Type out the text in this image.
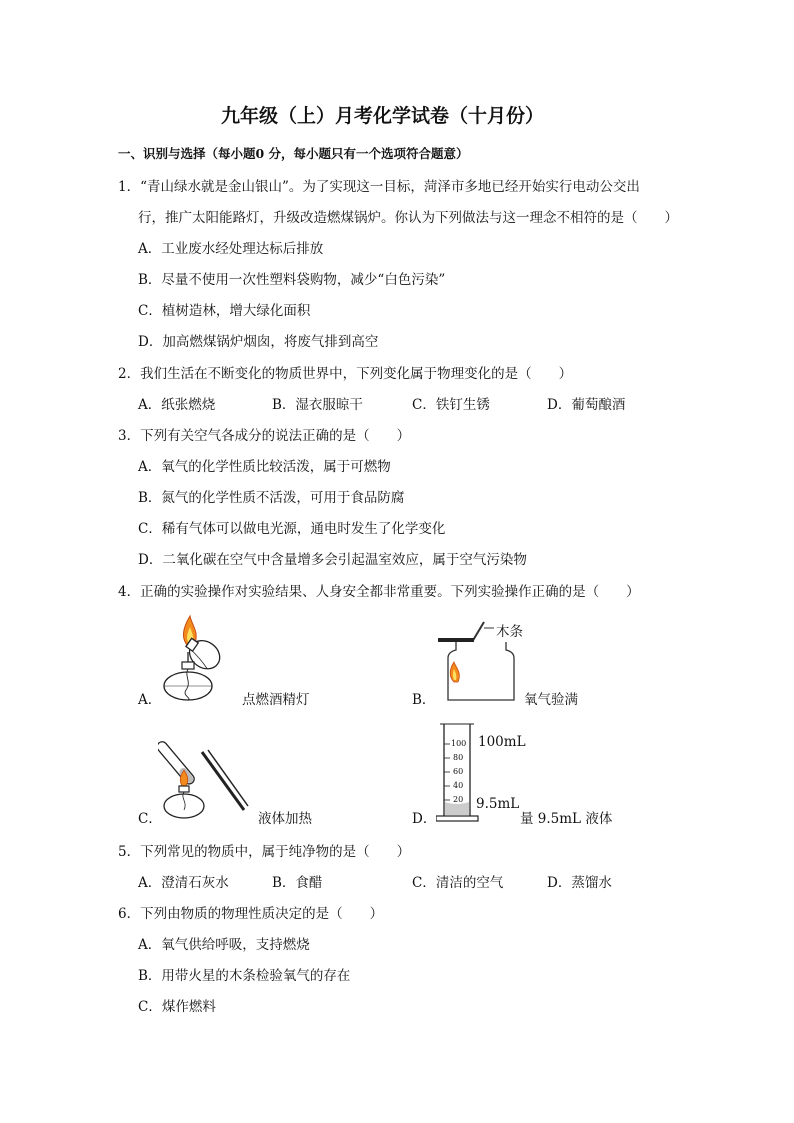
九年级（上）月考化学试卷（十月份）
一、识别与选择（每小题0 分，每小题只有一个选项符合题意）
1．“青山绿水就是金山银山”。为了实现这一目标，菏泽市多地已经开始实行电动公交出
行，推广太阳能路灯，升级改造燃煤锅炉。你认为下列做法与这一理念不相符的是（　　）
A．工业废水经处理达标后排放
B．尽量不使用一次性塑料袋购物，减少“白色污染”
C．植树造林，增大绿化面积
D．加高燃煤锅炉烟囱，将废气排到高空
2．我们生活在不断变化的物质世界中，下列变化属于物理变化的是（　　）
A．纸张燃烧	B．湿衣服晾干	C．铁钉生锈	D．葡萄酿酒
3．下列有关空气各成分的说法正确的是（　　）
A．氧气的化学性质比较活泼，属于可燃物
B．氮气的化学性质不活泼，可用于食品防腐
C．稀有气体可以做电光源，通电时发生了化学变化
D．二氧化碳在空气中含量增多会引起温室效应，属于空气污染物
4．正确的实验操作对实验结果、人身安全都非常重要。下列实验操作正确的是（　　）
A．	点燃酒精灯
木条
B．	氧气验满
C．	液体加热
100
80
60
40
20
100mL
9.5mL
D．	量 9.5mL 液体
5．下列常见的物质中，属于纯净物的是（　　）
A．澄清石灰水	B．食醋	C．清洁的空气	D．蒸馏水
6．下列由物质的物理性质决定的是（　　）
A．氧气供给呼吸，支持燃烧
B．用带火星的木条检验氧气的存在
C．煤作燃料
